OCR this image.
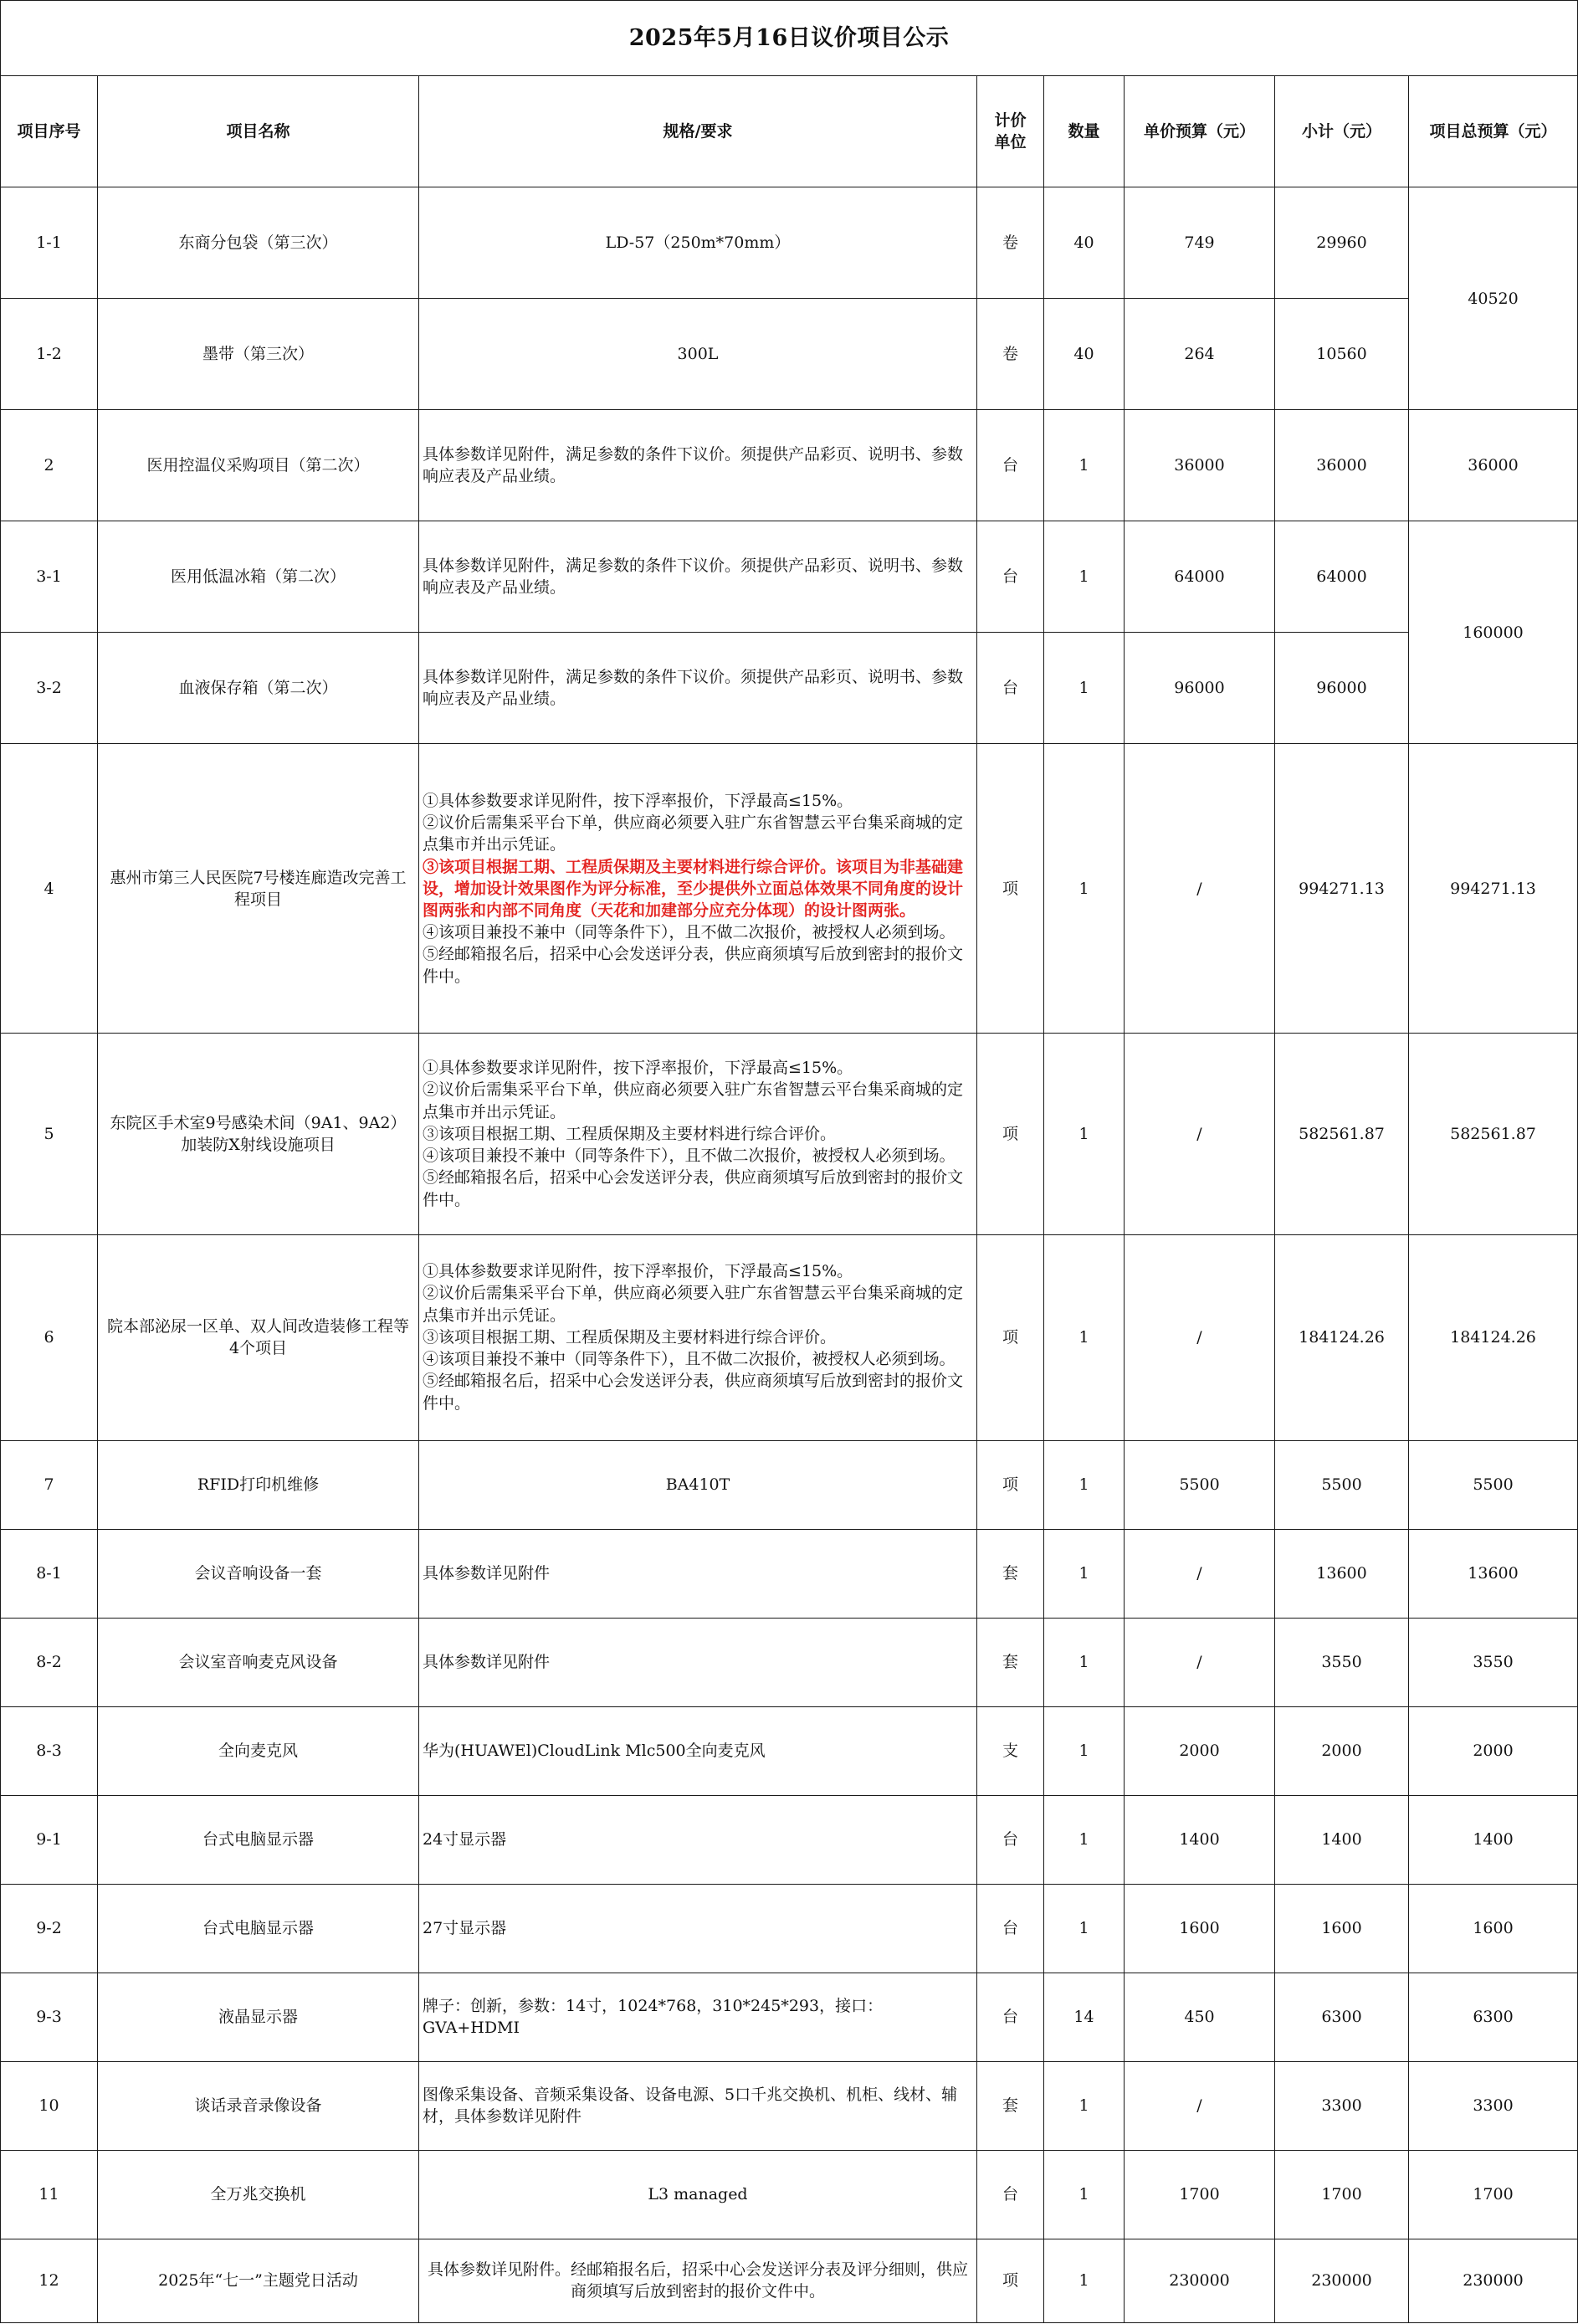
2025年5月16日议价项目公示							
项目序号	项目名称	规格/要求	计价单位	数量	单价预算（元）	小计（元）	项目总预算（元）
1-1	东商分包袋（第三次）	LD-57（250m*70mm）	卷	40	749	29960	40520
1-2	墨带（第三次）	300L	卷	40	264	10560	
2	医用控温仪采购项目（第二次）	具体参数详见附件，满足参数的条件下议价。须提供产品彩页、说明书、参数响应表及产品业绩。	台	1	36000	36000	36000
3-1	医用低温冰箱（第二次）	具体参数详见附件，满足参数的条件下议价。须提供产品彩页、说明书、参数响应表及产品业绩。	台	1	64000	64000	160000
3-2	血液保存箱（第二次）	具体参数详见附件，满足参数的条件下议价。须提供产品彩页、说明书、参数响应表及产品业绩。	台	1	96000	96000	
4	惠州市第三人民医院7号楼连廊造改完善工程项目	①具体参数要求详见附件，按下浮率报价，下浮最高≤15%。
②议价后需集采平台下单，供应商必须要入驻广东省智慧云平台集采商城的定点集市并出示凭证。
③该项目根据工期、工程质保期及主要材料进行综合评价。该项目为非基础建设，增加设计效果图作为评分标准，至少提供外立面总体效果不同角度的设计图两张和内部不同角度（天花和加建部分应充分体现）的设计图两张。
④该项目兼投不兼中（同等条件下），且不做二次报价，被授权人必须到场。
⑤经邮箱报名后，招采中心会发送评分表，供应商须填写后放到密封的报价文件中。	项	1	/	994271.13	994271.13
5	东院区手术室9号感染术间（9A1、9A2）加装防X射线设施项目	①具体参数要求详见附件，按下浮率报价，下浮最高≤15%。
②议价后需集采平台下单，供应商必须要入驻广东省智慧云平台集采商城的定点集市并出示凭证。
③该项目根据工期、工程质保期及主要材料进行综合评价。
④该项目兼投不兼中（同等条件下），且不做二次报价，被授权人必须到场。
⑤经邮箱报名后，招采中心会发送评分表，供应商须填写后放到密封的报价文件中。	项	1	/	582561.87	582561.87
6	院本部泌尿一区单、双人间改造装修工程等4个项目	①具体参数要求详见附件，按下浮率报价，下浮最高≤15%。
②议价后需集采平台下单，供应商必须要入驻广东省智慧云平台集采商城的定点集市并出示凭证。
③该项目根据工期、工程质保期及主要材料进行综合评价。
④该项目兼投不兼中（同等条件下），且不做二次报价，被授权人必须到场。
⑤经邮箱报名后，招采中心会发送评分表，供应商须填写后放到密封的报价文件中。	项	1	/	184124.26	184124.26
7	RFID打印机维修	BA410T	项	1	5500	5500	5500
8-1	会议音响设备一套	具体参数详见附件	套	1	/	13600	13600
8-2	会议室音响麦克风设备	具体参数详见附件	套	1	/	3550	3550
8-3	全向麦克风	华为(HUAWEl)CloudLink Mlc500全向麦克风	支	1	2000	2000	2000
9-1	台式电脑显示器	24寸显示器	台	1	1400	1400	1400
9-2	台式电脑显示器	27寸显示器	台	1	1600	1600	1600
9-3	液晶显示器	牌子：创新，参数：14寸，1024*768，310*245*293，接口：GVA+HDMI	台	14	450	6300	6300
10	谈话录音录像设备	图像采集设备、音频采集设备、设备电源、5口千兆交换机、机柜、线材、辅材，具体参数详见附件	套	1	/	3300	3300
11	全万兆交换机	L3 managed	台	1	1700	1700	1700
12	2025年“七一”主题党日活动	具体参数详见附件。经邮箱报名后，招采中心会发送评分表及评分细则，供应商须填写后放到密封的报价文件中。	项	1	230000	230000	230000
